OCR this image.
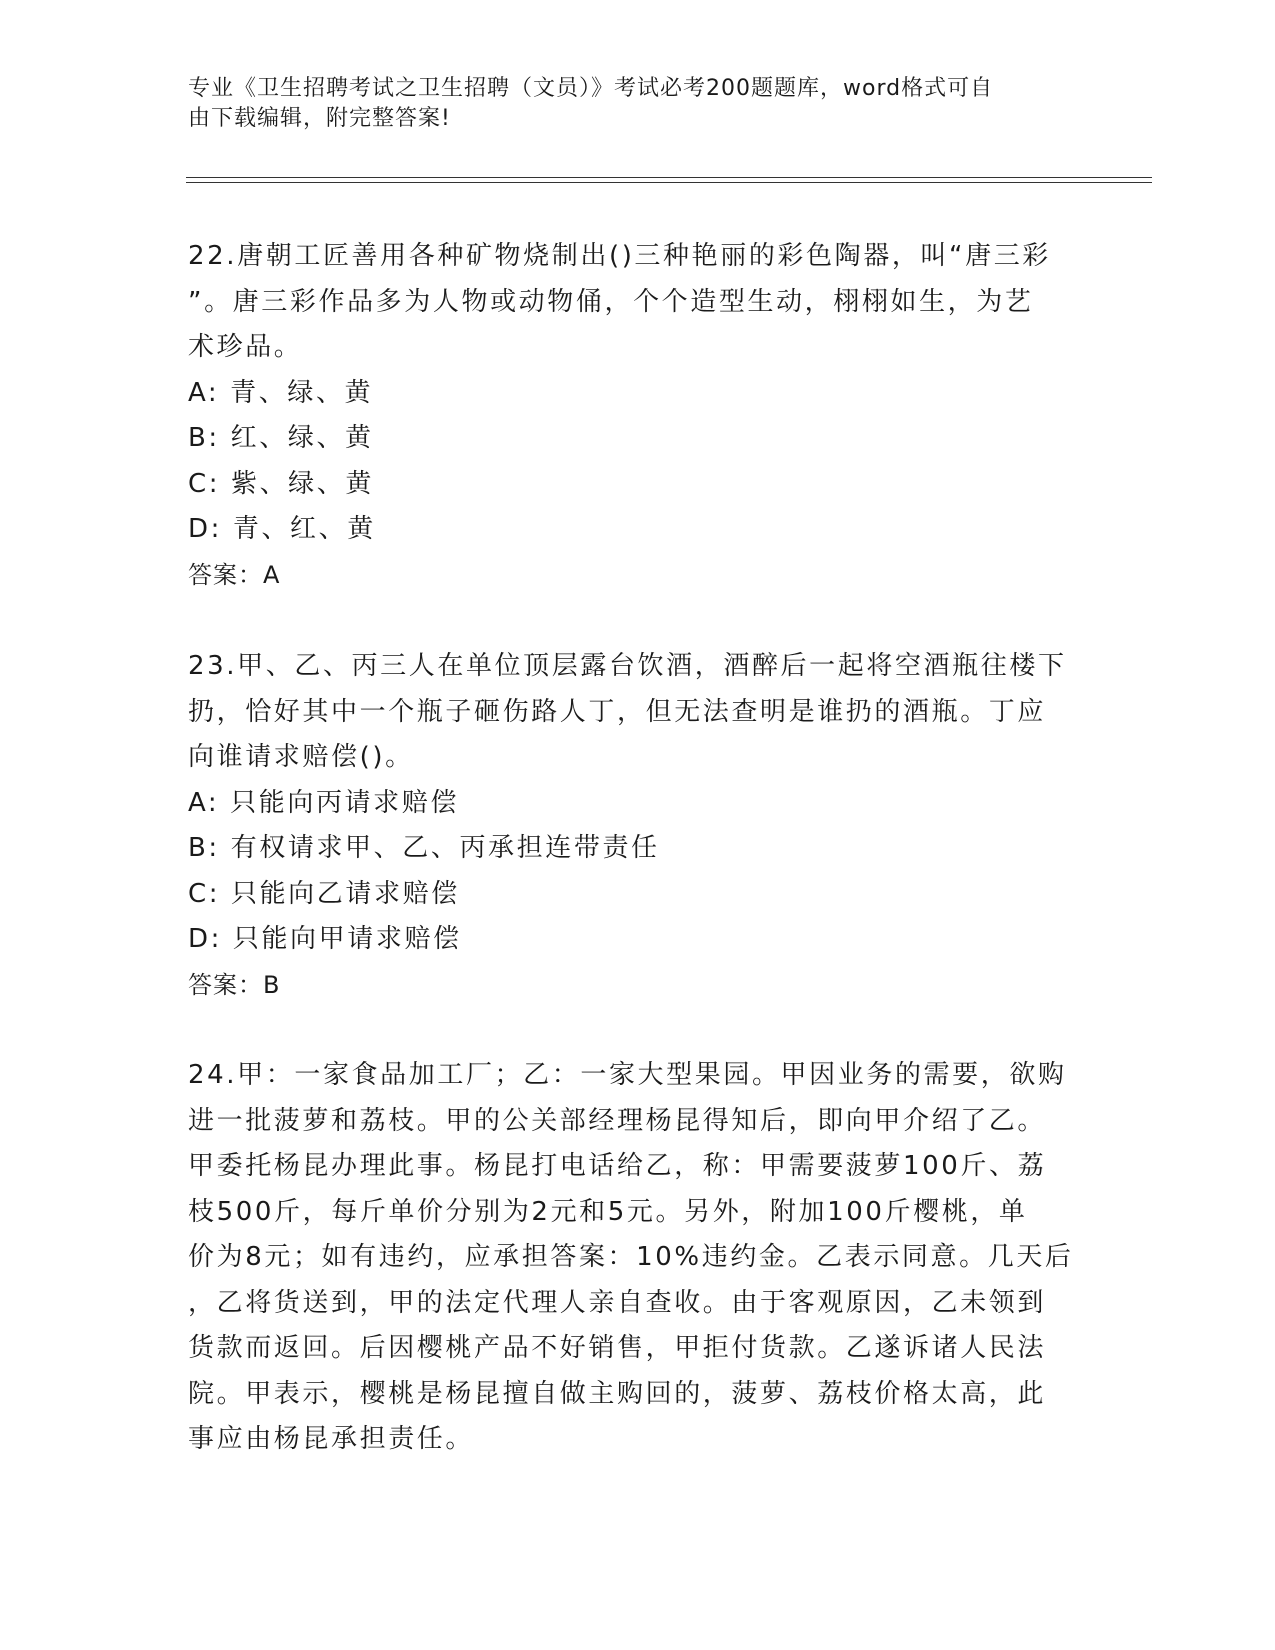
专业《卫生招聘考试之卫生招聘（文员）》考试必考200题题库，word格式可自
由下载编辑，附完整答案!
22.唐朝工匠善用各种矿物烧制出()三种艳丽的彩色陶器，叫“唐三彩
”。唐三彩作品多为人物或动物俑，个个造型生动，栩栩如生，为艺
术珍品。
A: 青、绿、黄
B: 红、绿、黄
C: 紫、绿、黄
D: 青、红、黄
答案：A
23.甲、乙、丙三人在单位顶层露台饮酒，酒醉后一起将空酒瓶往楼下
扔，恰好其中一个瓶子砸伤路人丁，但无法查明是谁扔的酒瓶。丁应
向谁请求赔偿()。
A: 只能向丙请求赔偿
B: 有权请求甲、乙、丙承担连带责任
C: 只能向乙请求赔偿
D: 只能向甲请求赔偿
答案：B
24.甲：一家食品加工厂；乙：一家大型果园。甲因业务的需要，欲购
进一批菠萝和荔枝。甲的公关部经理杨昆得知后，即向甲介绍了乙。
甲委托杨昆办理此事。杨昆打电话给乙，称：甲需要菠萝100斤、荔
枝500斤，每斤单价分别为2元和5元。另外，附加100斤樱桃，单
价为8元；如有违约，应承担答案：10%违约金。乙表示同意。几天后
，乙将货送到，甲的法定代理人亲自查收。由于客观原因，乙未领到
货款而返回。后因樱桃产品不好销售，甲拒付货款。乙遂诉诸人民法
院。甲表示，樱桃是杨昆擅自做主购回的，菠萝、荔枝价格太高，此
事应由杨昆承担责任。
